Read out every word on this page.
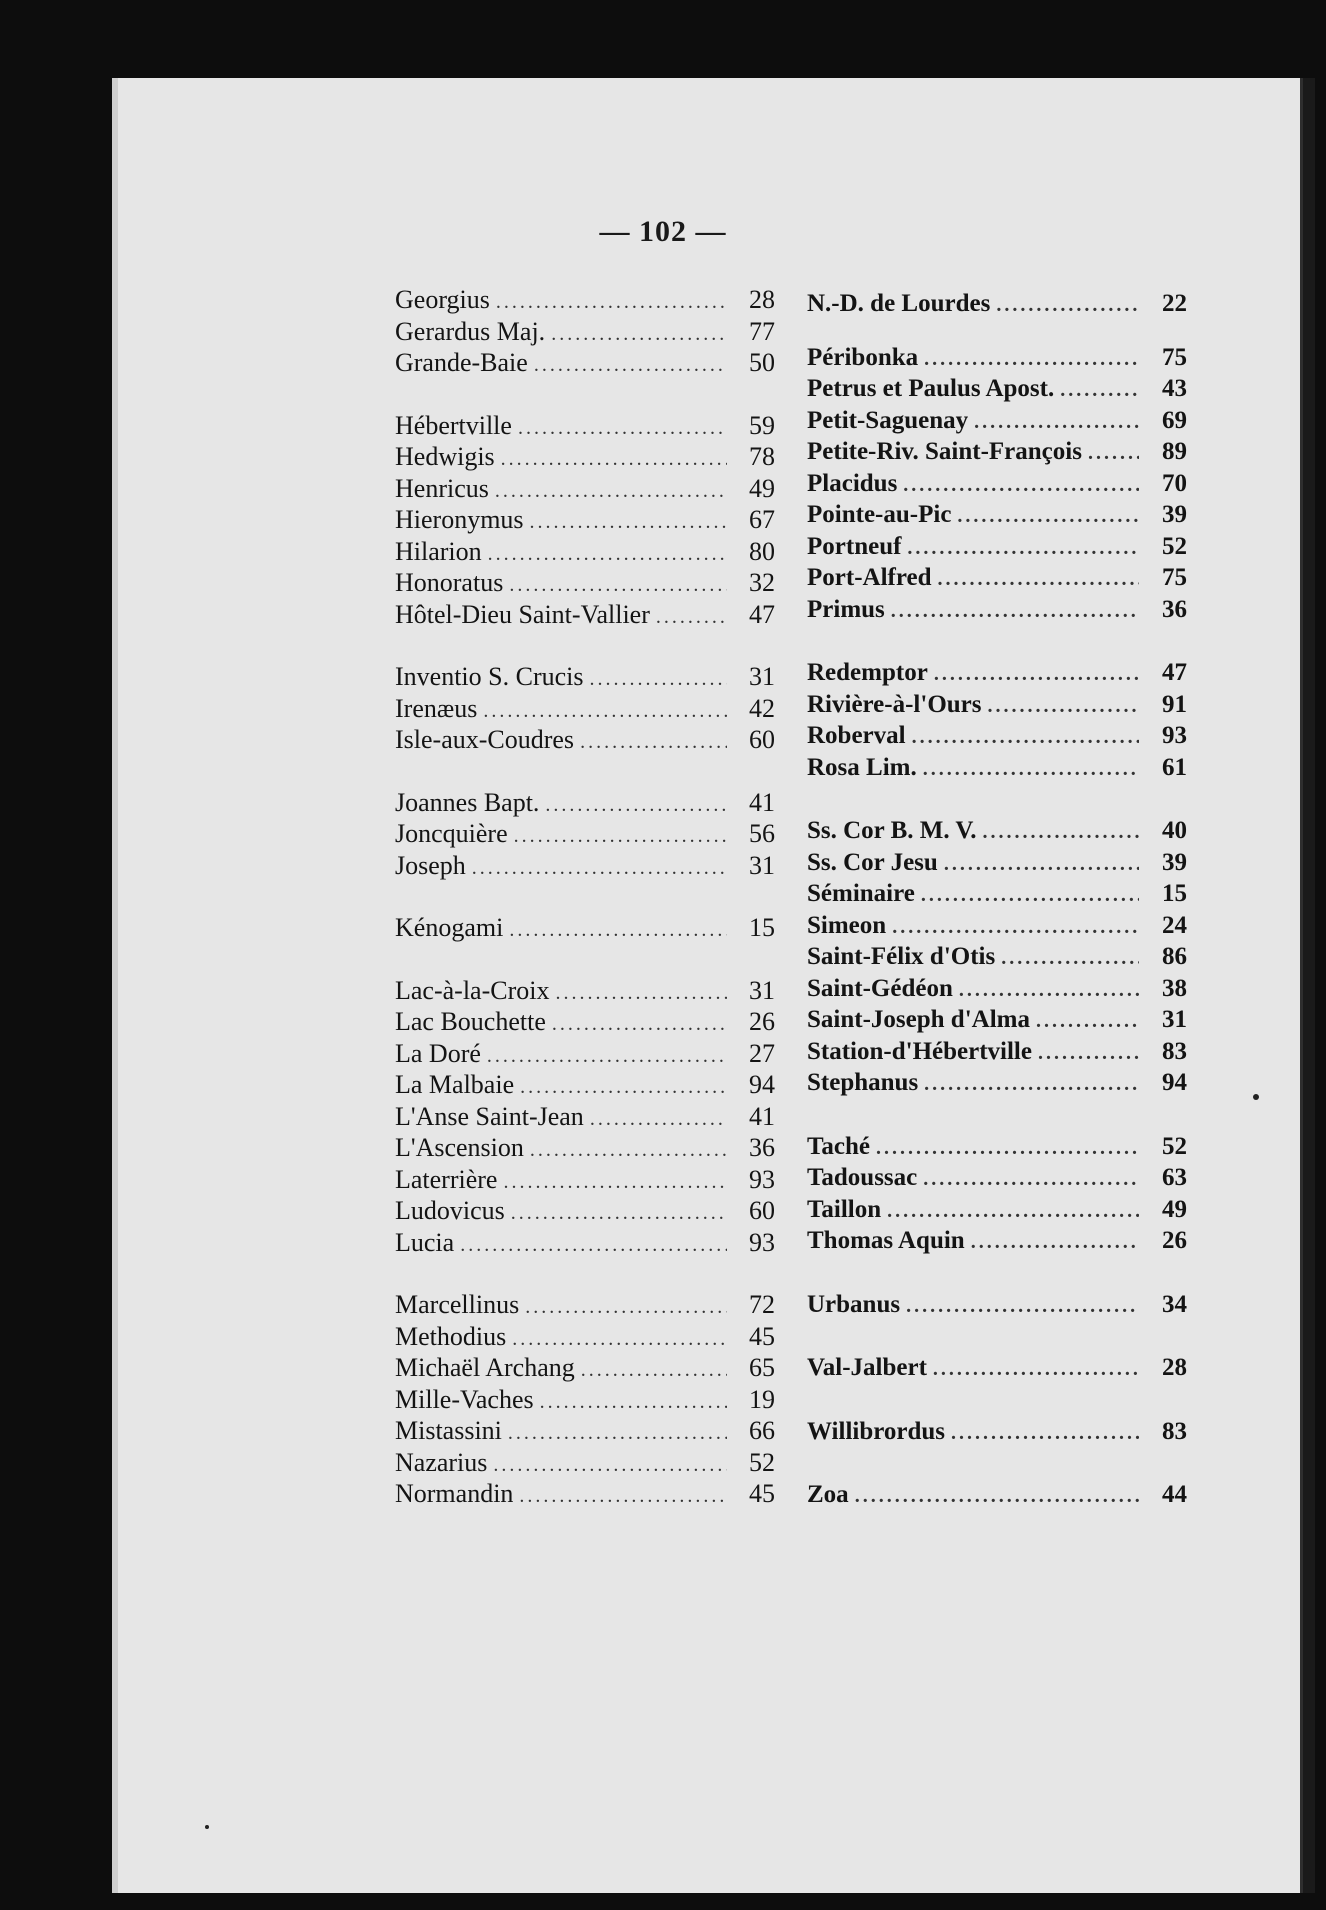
— 102 —
Georgius .....	28
Gerardus Maj. .....	77
Grande-Baie .....	50
Hébertville .....	59
Hedwigis .....	78
Henricus .....	49
Hieronymus .....	67
Hilarion .....	80
Honoratus .....	32
Hôtel-Dieu Saint-Vallier .....	47
Inventio S. Crucis .....	31
Irenæus .....	42
Isle-aux-Coudres .....	60
Joannes Bapt. .....	41
Joncquière .....	56
Joseph .....	31
Kénogami .....	15
Lac-à-la-Croix .....	31
Lac Bouchette .....	26
La Doré .....	27
La Malbaie .....	94
L'Anse Saint-Jean .....	41
L'Ascension .....	36
Laterrière .....	93
Ludovicus .....	60
Lucia .....	93
Marcellinus .....	72
Methodius .....	45
Michaël Archang .....	65
Mille-Vaches .....	19
Mistassini .....	66
Nazarius .....	52
Normandin .....	45
N.-D. de Lourdes .....	22
Péribonka .....	75
Petrus et Paulus Apost. .....	43
Petit-Saguenay .....	69
Petite-Riv. Saint-François .....	89
Placidus .....	70
Pointe-au-Pic .....	39
Portneuf .....	52
Port-Alfred .....	75
Primus .....	36
Redemptor .....	47
Rivière-à-l'Ours .....	91
Roberval .....	93
Rosa Lim. .....	61
Ss. Cor B. M. V. .....	40
Ss. Cor Jesu .....	39
Séminaire .....	15
Simeon .....	24
Saint-Félix d'Otis .....	86
Saint-Gédéon .....	38
Saint-Joseph d'Alma .....	31
Station-d'Hébertville .....	83
Stephanus .....	94
Taché .....	52
Tadoussac .....	63
Taillon .....	49
Thomas Aquin .....	26
Urbanus .....	34
Val-Jalbert .....	28
Willibrordus .....	83
Zoa .....	44
